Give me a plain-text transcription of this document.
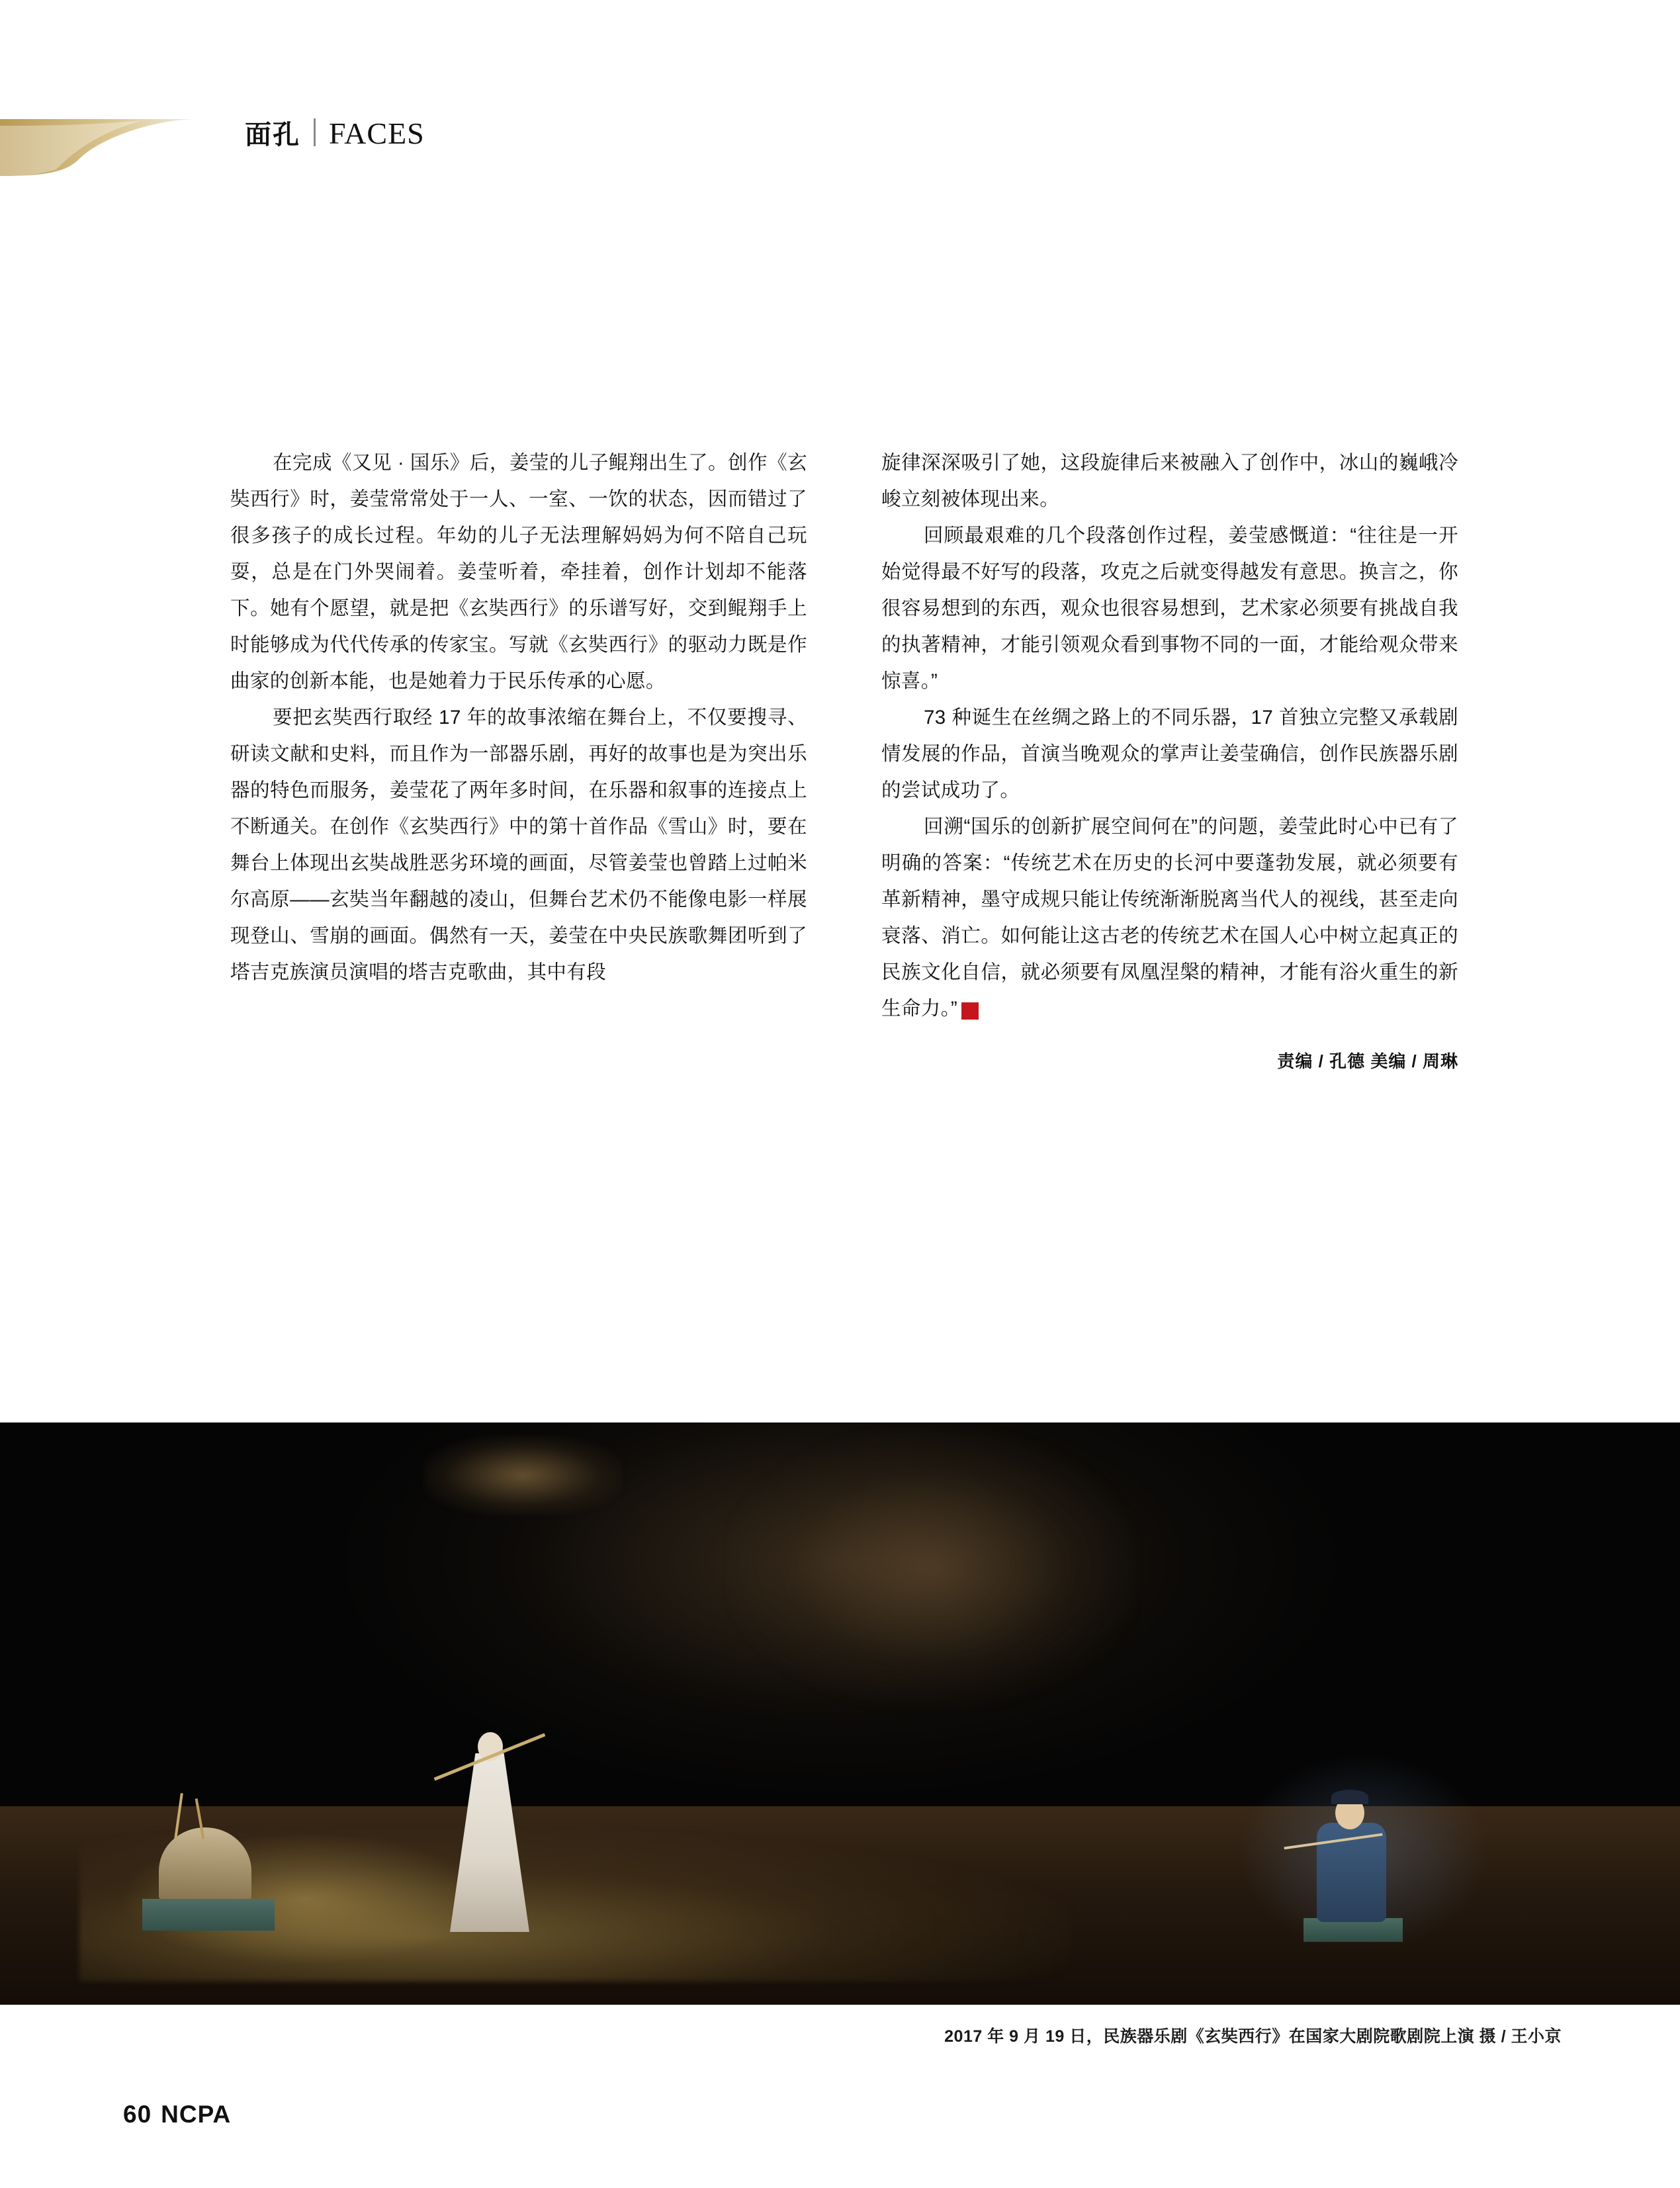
面孔 FACES

在完成《又见 · 国乐》后，姜莹的儿子鲲翔出生了。创作《玄奘西行》时，姜莹常常处于一人、一室、一饮的状态，因而错过了很多孩子的成长过程。年幼的儿子无法理解妈妈为何不陪自己玩耍，总是在门外哭闹着。姜莹听着，牵挂着，创作计划却不能落下。她有个愿望，就是把《玄奘西行》的乐谱写好，交到鲲翔手上时能够成为代代传承的传家宝。写就《玄奘西行》的驱动力既是作曲家的创新本能，也是她着力于民乐传承的心愿。

要把玄奘西行取经 17 年的故事浓缩在舞台上，不仅要搜寻、研读文献和史料，而且作为一部器乐剧，再好的故事也是为突出乐器的特色而服务，姜莹花了两年多时间，在乐器和叙事的连接点上不断通关。在创作《玄奘西行》中的第十首作品《雪山》时，要在舞台上体现出玄奘战胜恶劣环境的画面，尽管姜莹也曾踏上过帕米尔高原——玄奘当年翻越的凌山，但舞台艺术仍不能像电影一样展现登山、雪崩的画面。偶然有一天，姜莹在中央民族歌舞团听到了塔吉克族演员演唱的塔吉克歌曲，其中有段

旋律深深吸引了她，这段旋律后来被融入了创作中，冰山的巍峨冷峻立刻被体现出来。

回顾最艰难的几个段落创作过程，姜莹感慨道：“往往是一开始觉得最不好写的段落，攻克之后就变得越发有意思。换言之，你很容易想到的东西，观众也很容易想到，艺术家必须要有挑战自我的执著精神，才能引领观众看到事物不同的一面，才能给观众带来惊喜。”

73 种诞生在丝绸之路上的不同乐器，17 首独立完整又承载剧情发展的作品，首演当晚观众的掌声让姜莹确信，创作民族器乐剧的尝试成功了。

回溯“国乐的创新扩展空间何在”的问题，姜莹此时心中已有了明确的答案：“传统艺术在历史的长河中要蓬勃发展，就必须要有革新精神，墨守成规只能让传统渐渐脱离当代人的视线，甚至走向衰落、消亡。如何能让这古老的传统艺术在国人心中树立起真正的民族文化自信，就必须要有凤凰涅槃的精神，才能有浴火重生的新生命力。”	NC

责编 / 孔德 美编 / 周琳
2017 年 9 月 19 日，民族器乐剧《玄奘西行》在国家大剧院歌剧院上演 摄 / 王小京
60 NCPA
